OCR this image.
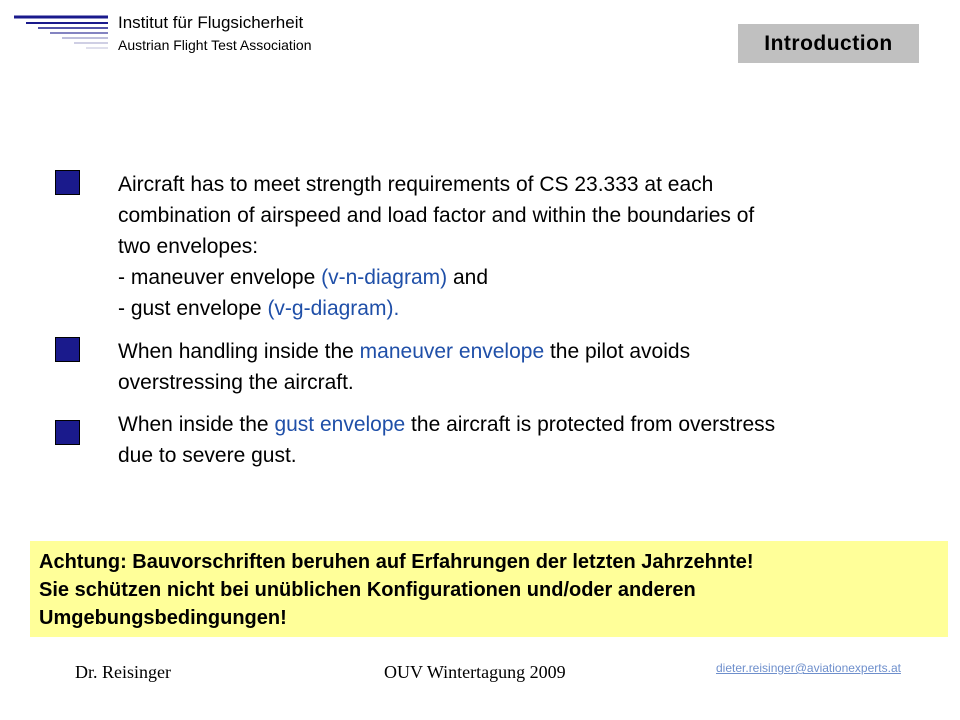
Institut für Flugsicherheit
Austrian Flight Test Association	Introduction

Aircraft has to meet strength requirements of CS 23.333 at each

combination of airspeed and load factor and within the boundaries of

two envelopes:

- maneuver envelope (v-n-diagram) and

- gust envelope (v-g-diagram).

When handling inside the maneuver envelope the pilot avoids

overstressing the aircraft.

When inside the gust envelope the aircraft is protected from overstress

due to severe gust.

Achtung: Bauvorschriften beruhen auf Erfahrungen der letzten Jahrzehnte!

Sie schützen nicht bei unüblichen Konfigurationen und/oder anderen

Umgebungsbedingungen!

Dr. Reisinger	OUV Wintertagung 2009	dieter.reisinger@aviationexperts.at
